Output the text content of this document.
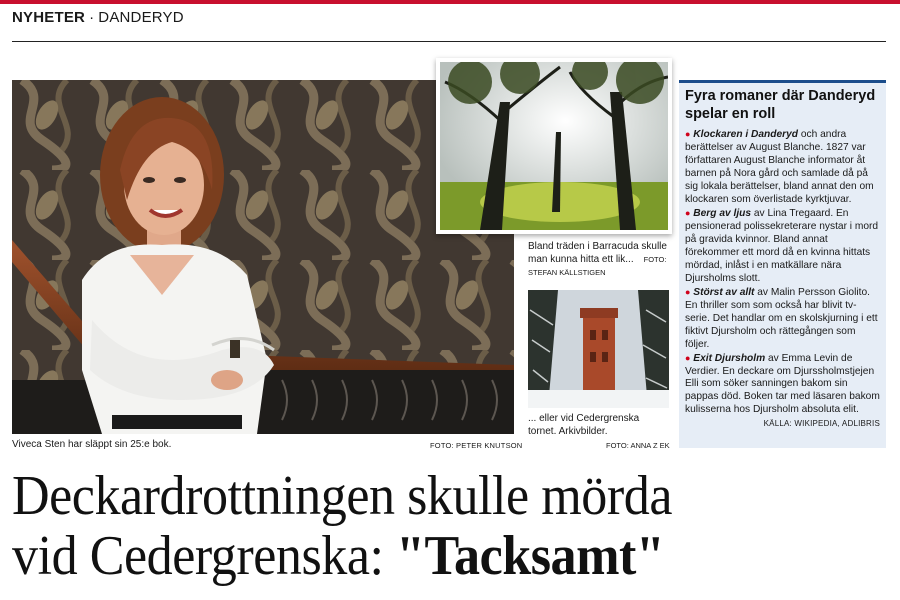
NYHETER · DANDERYD
Viveca Sten har släppt sin 25:e bok.	FOTO: PETER KNUTSON
Bland träden i Barracuda skulle man kunna hitta ett lik... FOTO: STEFAN KÄLLSTIGEN
... eller vid Cedergrenska tornet. Arkivbilder.
FOTO: ANNA Z EK
Fyra romaner där Danderyd spelar en roll
● Klockaren i Danderyd och andra berättelser av August Blanche. 1827 var författaren August Blanche informator åt barnen på Nora gård och samlade då på sig lokala berättelser, bland annat den om klockaren som överlistade kyrktjuvar.
● Berg av ljus av Lina Tregaard. En pensionerad polissekreterare nystar i mord på gravida kvinnor. Bland annat förekommer ett mord då en kvinna hittats mördad, inlåst i en matkällare nära Djursholms slott.
● Störst av allt av Malin Persson Giolito. En thriller som som också har blivit tv-serie. Det handlar om en skolskjurning i ett fiktivt Djursholm och rättegången som följer.
● Exit Djursholm av Emma Levin de Verdier. En deckare om Djurssholmstjejen Elli som söker sanningen bakom sin pappas död. Boken tar med läsaren bakom kulisserna hos Djursholm absoluta elit.
KÄLLA: WIKIPEDIA, ADLIBRIS
Deckardrottningen skulle mörda
vid Cedergrenska: "Tacksamt"
